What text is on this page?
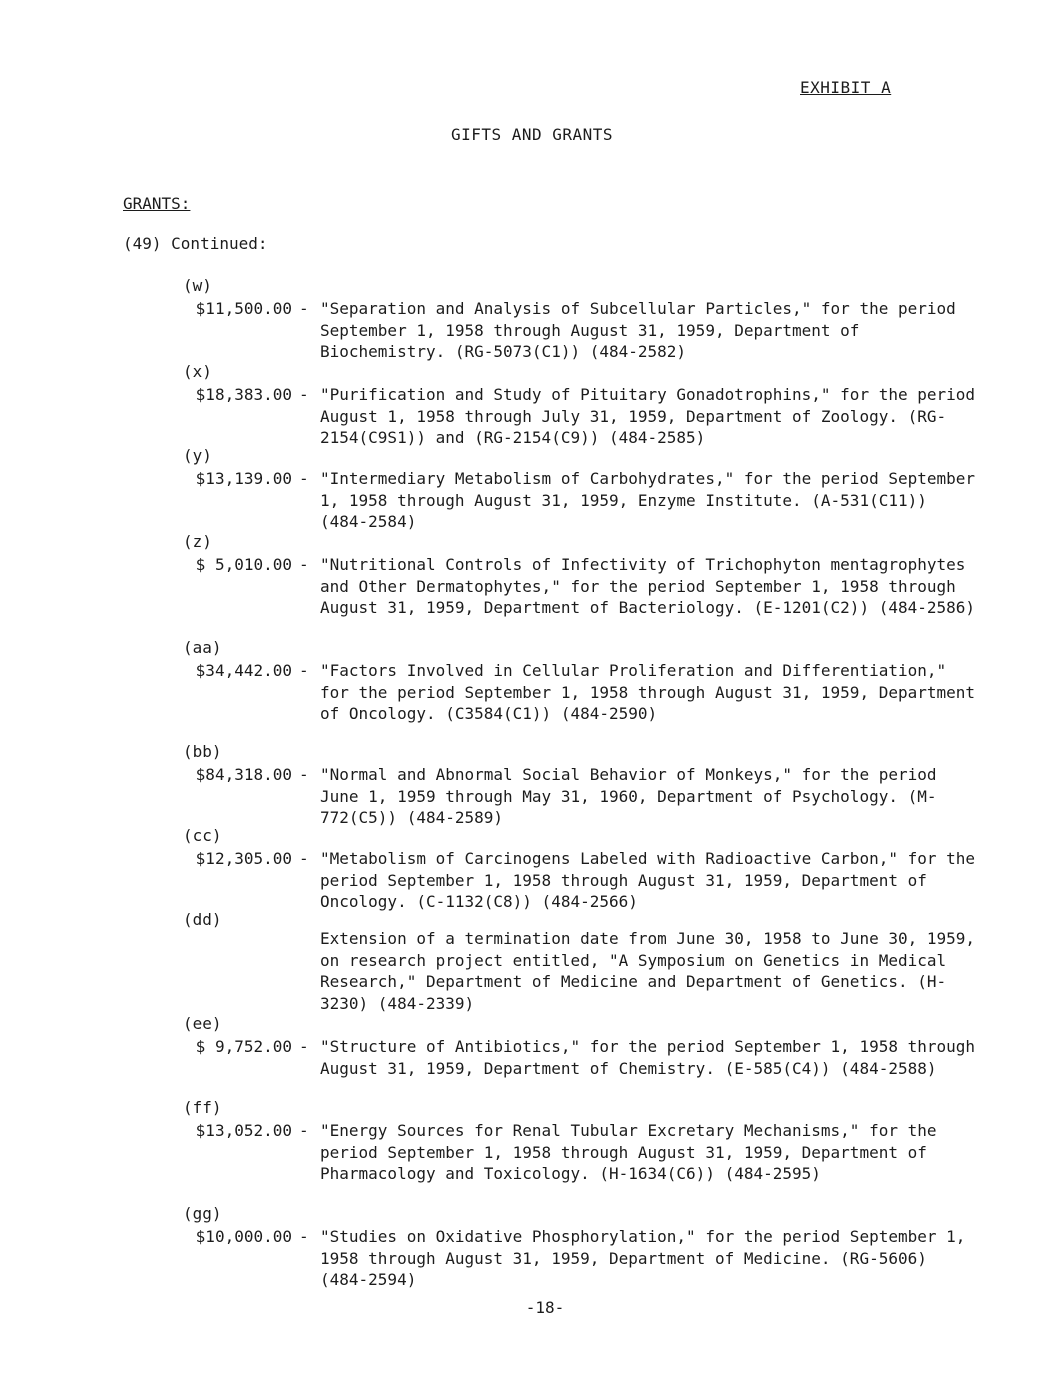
EXHIBIT A
GIFTS AND GRANTS
GRANTS:
(49) Continued:
(w)
$11,500.00 - "Separation and Analysis of Subcellular Particles," for the period September 1, 1958 through August 31, 1959, Department of Biochemistry. (RG-5073(C1)) (484-2582)
(x)
$18,383.00 - "Purification and Study of Pituitary Gonadotrophins," for the period August 1, 1958 through July 31, 1959, Department of Zoology. (RG-2154(C9S1)) and (RG-2154(C9)) (484-2585)
(y)
$13,139.00 - "Intermediary Metabolism of Carbohydrates," for the period September 1, 1958 through August 31, 1959, Enzyme Institute. (A-531(C11)) (484-2584)
(z)
$ 5,010.00 - "Nutritional Controls of Infectivity of Trichophyton mentagrophytes and Other Dermatophytes," for the period September 1, 1958 through August 31, 1959, Department of Bacteriology. (E-1201(C2)) (484-2586)
(aa)
$34,442.00 - "Factors Involved in Cellular Proliferation and Differentiation," for the period September 1, 1958 through August 31, 1959, Department of Oncology. (C3584(C1)) (484-2590)
(bb)
$84,318.00 - "Normal and Abnormal Social Behavior of Monkeys," for the period June 1, 1959 through May 31, 1960, Department of Psychology. (M-772(C5)) (484-2589)
(cc)
$12,305.00 - "Metabolism of Carcinogens Labeled with Radioactive Carbon," for the period September 1, 1958 through August 31, 1959, Department of Oncology. (C-1132(C8)) (484-2566)
(dd)
Extension of a termination date from June 30, 1958 to June 30, 1959, on research project entitled, "A Symposium on Genetics in Medical Research," Department of Medicine and Department of Genetics. (H-3230) (484-2339)
(ee)
$ 9,752.00 - "Structure of Antibiotics," for the period September 1, 1958 through August 31, 1959, Department of Chemistry. (E-585(C4)) (484-2588)
(ff)
$13,052.00 - "Energy Sources for Renal Tubular Excretary Mechanisms," for the period September 1, 1958 through August 31, 1959, Department of Pharmacology and Toxicology. (H-1634(C6)) (484-2595)
(gg)
$10,000.00 - "Studies on Oxidative Phosphorylation," for the period September 1, 1958 through August 31, 1959, Department of Medicine. (RG-5606) (484-2594)
-18-
